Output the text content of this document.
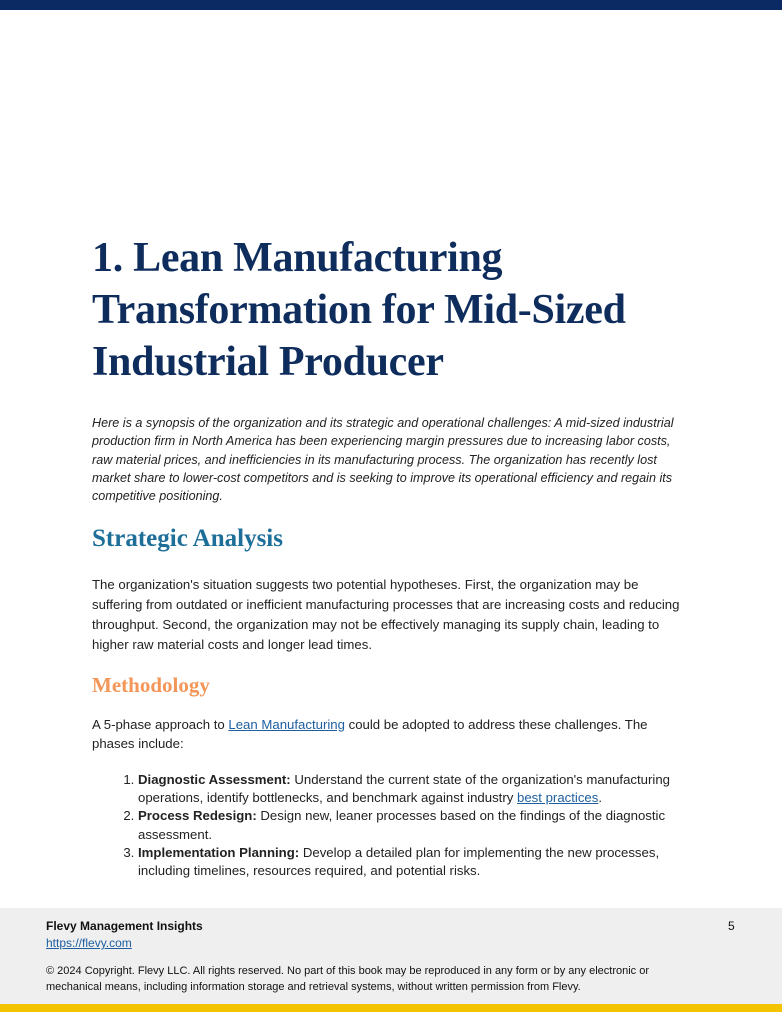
1. Lean Manufacturing Transformation for Mid-Sized Industrial Producer

Here is a synopsis of the organization and its strategic and operational challenges: A mid-sized industrial production firm in North America has been experiencing margin pressures due to increasing labor costs, raw material prices, and inefficiencies in its manufacturing process. The organization has recently lost market share to lower-cost competitors and is seeking to improve its operational efficiency and regain its competitive positioning.

Strategic Analysis

The organization's situation suggests two potential hypotheses. First, the organization may be suffering from outdated or inefficient manufacturing processes that are increasing costs and reducing throughput. Second, the organization may not be effectively managing its supply chain, leading to higher raw material costs and longer lead times.

Methodology

A 5-phase approach to Lean Manufacturing could be adopted to address these challenges. The phases include:

1. Diagnostic Assessment: Understand the current state of the organization's manufacturing operations, identify bottlenecks, and benchmark against industry best practices.
2. Process Redesign: Design new, leaner processes based on the findings of the diagnostic assessment.
3. Implementation Planning: Develop a detailed plan for implementing the new processes, including timelines, resources required, and potential risks.
Flevy Management Insights
https://flevy.com
5
© 2024 Copyright. Flevy LLC. All rights reserved. No part of this book may be reproduced in any form or by any electronic or mechanical means, including information storage and retrieval systems, without written permission from Flevy.
